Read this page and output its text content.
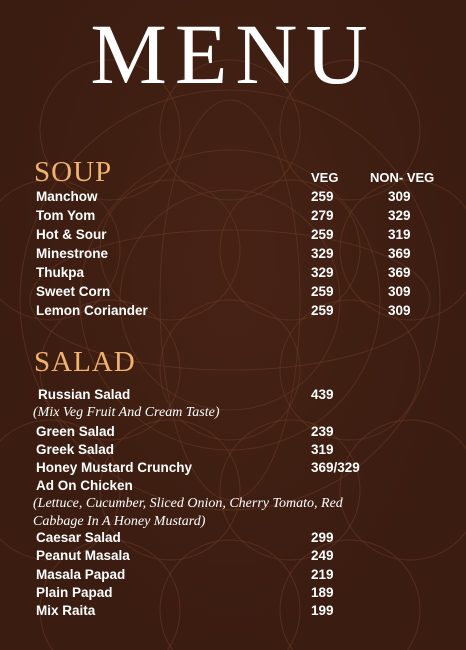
MENU
SOUP	VEG NON- VEG
Manchow	259	309
Tom Yom	279	329
Hot & Sour	259	319
Minestrone	329	369
Thukpa	329	369
Sweet Corn	259	309
Lemon Coriander	259	309
SALAD
Russian Salad	439
(Mix Veg Fruit And Cream Taste)
Green Salad	239
Greek Salad	319
Honey Mustard Crunchy	369/329
Ad On Chicken
(Lettuce, Cucumber, Sliced Onion, Cherry Tomato, Red
Cabbage In A Honey Mustard)
Caesar Salad	299
Peanut Masala	249
Masala Papad	219
Plain Papad	189
Mix Raita	199
